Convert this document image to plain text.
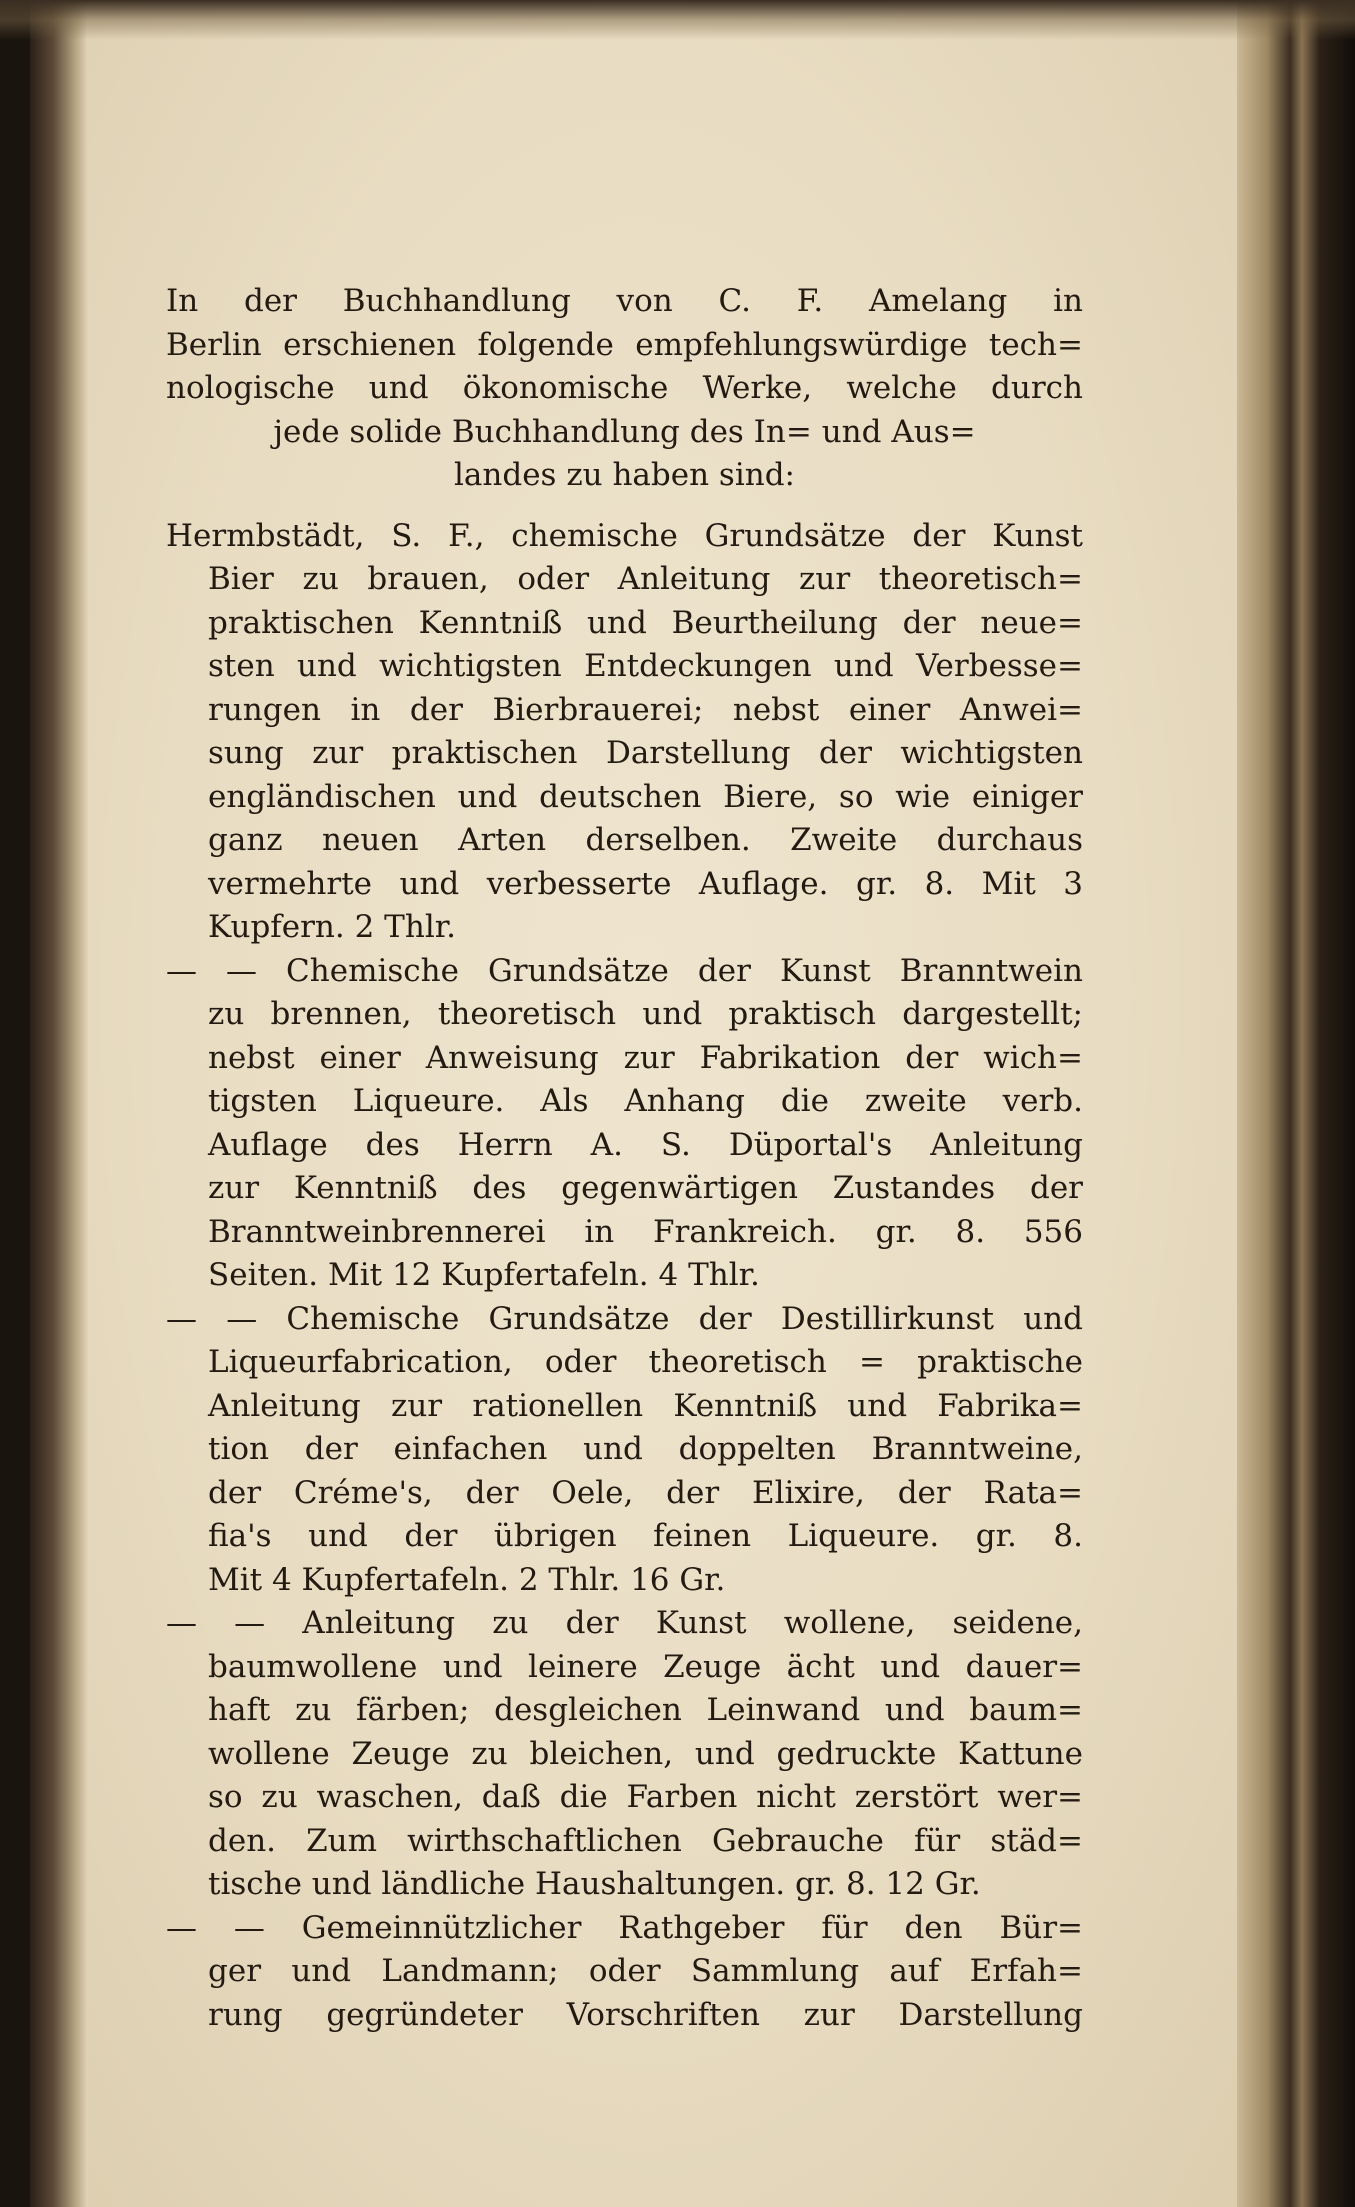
In der Buchhandlung von C. F. Amelang in
Berlin erschienen folgende empfehlungswürdige tech=
nologische und ökonomische Werke, welche durch
jede solide Buchhandlung des In= und Aus=
landes zu haben sind:
Hermbstädt, S. F., chemische Grundsätze der Kunst
Bier zu brauen, oder Anleitung zur theoretisch=
praktischen Kenntniß und Beurtheilung der neue=
sten und wichtigsten Entdeckungen und Verbesse=
rungen in der Bierbrauerei; nebst einer Anwei=
sung zur praktischen Darstellung der wichtigsten
engländischen und deutschen Biere, so wie einiger
ganz neuen Arten derselben. Zweite durchaus
vermehrte und verbesserte Auflage. gr. 8. Mit 3
Kupfern. 2 Thlr.
— — Chemische Grundsätze der Kunst Branntwein
zu brennen, theoretisch und praktisch dargestellt;
nebst einer Anweisung zur Fabrikation der wich=
tigsten Liqueure. Als Anhang die zweite verb.
Auflage des Herrn A. S. Düportal's Anleitung
zur Kenntniß des gegenwärtigen Zustandes der
Branntweinbrennerei in Frankreich. gr. 8. 556
Seiten. Mit 12 Kupfertafeln. 4 Thlr.
— — Chemische Grundsätze der Destillirkunst und
Liqueurfabrication, oder theoretisch = praktische
Anleitung zur rationellen Kenntniß und Fabrika=
tion der einfachen und doppelten Branntweine,
der Créme's, der Oele, der Elixire, der Rata=
fia's und der übrigen feinen Liqueure. gr. 8.
Mit 4 Kupfertafeln. 2 Thlr. 16 Gr.
— — Anleitung zu der Kunst wollene, seidene,
baumwollene und leinere Zeuge ächt und dauer=
haft zu färben; desgleichen Leinwand und baum=
wollene Zeuge zu bleichen, und gedruckte Kattune
so zu waschen, daß die Farben nicht zerstört wer=
den. Zum wirthschaftlichen Gebrauche für städ=
tische und ländliche Haushaltungen. gr. 8. 12 Gr.
— — Gemeinnützlicher Rathgeber für den Bür=
ger und Landmann; oder Sammlung auf Erfah=
rung gegründeter Vorschriften zur Darstellung
